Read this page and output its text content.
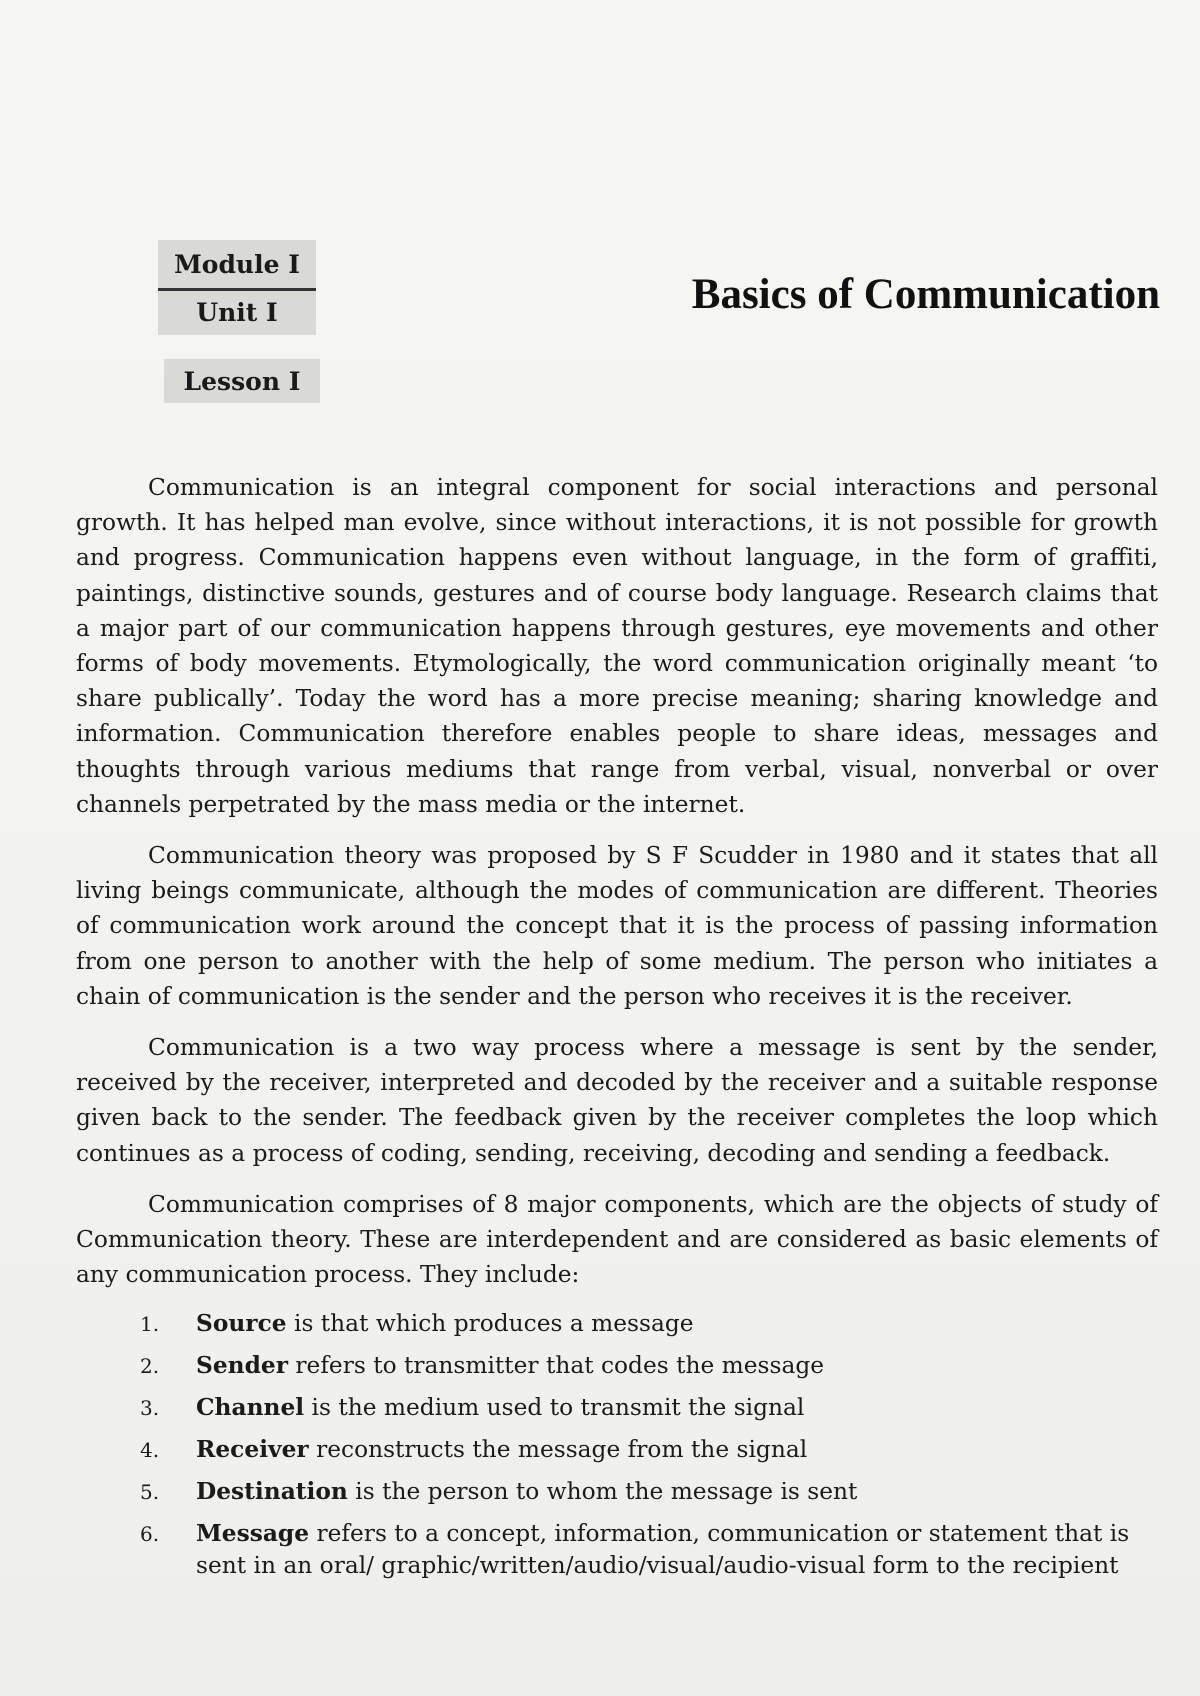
Module I
Unit I
Lesson I
Basics of Communication

Communication is an integral component for social interactions and personal growth. It has helped man evolve, since without interactions, it is not possible for growth and progress. Communication happens even without language, in the form of graffiti, paintings, distinctive sounds, gestures and of course body language. Research claims that a major part of our communication happens through gestures, eye movements and other forms of body movements. Etymologically, the word communication originally meant ‘to share publically’. Today the word has a more precise meaning; sharing knowledge and information. Communication therefore enables people to share ideas, messages and thoughts through various mediums that range from verbal, visual, nonverbal or over channels perpetrated by the mass media or the internet.

Communication theory was proposed by S F Scudder in 1980 and it states that all living beings communicate, although the modes of communication are different. Theories of communication work around the concept that it is the process of passing information from one person to another with the help of some medium. The person who initiates a chain of communication is the sender and the person who receives it is the receiver.

Communication is a two way process where a message is sent by the sender, received by the receiver, interpreted and decoded by the receiver and a suitable response given back to the sender. The feedback given by the receiver completes the loop which continues as a process of coding, sending, receiving, decoding and sending a feedback.

Communication comprises of 8 major components, which are the objects of study of Communication theory. These are interdependent and are considered as basic elements of any communication process. They include:

1. Source is that which produces a message
2. Sender refers to transmitter that codes the message
3. Channel is the medium used to transmit the signal
4. Receiver reconstructs the message from the signal
5. Destination is the person to whom the message is sent
6. Message refers to a concept, information, communication or statement that is sent in an oral/ graphic/written/audio/visual/audio-visual form to the recipient
